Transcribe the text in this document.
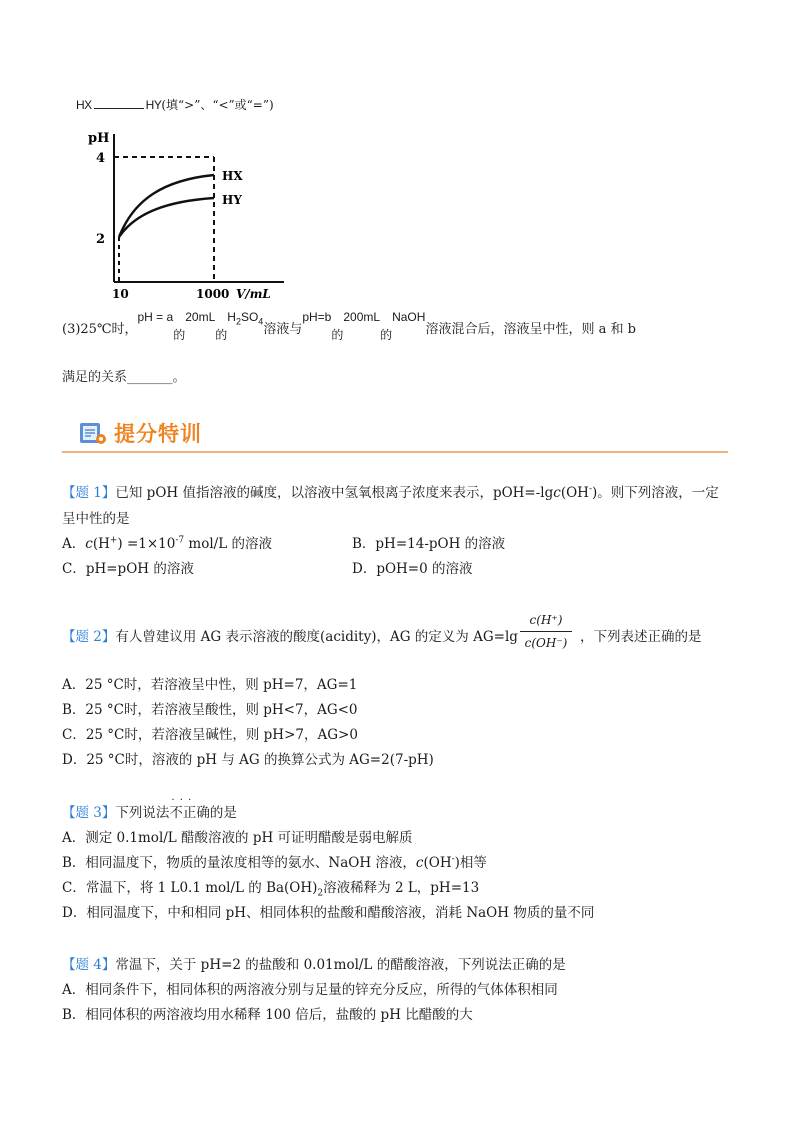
HX	HY(填“>”、“<”或“=”)
pH
4
2
HX
HY
10	1000 V/mL
(3)25℃时，pH = a的20mL的$H_2SO_4$溶液与pH=b的200mL的NaOH溶液混合后，溶液呈中性，则 a 和 b
满足的关系_______。
提分特训
【题 1】已知 pOH 值指溶液的碱度，以溶液中氢氧根离子浓度来表示，pOH=-lgc(OH-)。则下列溶液，一定
呈中性的是
A．$c(H^+) =1\times 10^{-7}$ mol/L 的溶液	B．pH=14-pOH 的溶液
C．pH=pOH 的溶液	D．pOH=0 的溶液
【题 2】有人曾建议用 AG 表示溶液的酸度(acidity)，AG 的定义为 AG=lg
c(H⁺)
c(OH⁻) ，下列表述正确的是
A．25 °C时，若溶液呈中性，则 pH=7，AG=1
B．25 °C时，若溶液呈酸性，则 pH<7，AG<0
C．25 °C时，若溶液呈碱性，则 pH>7，AG>0
D．25 °C时，溶液的 pH 与 AG 的换算公式为 AG=2(7-pH)
【题 3】下列说法不正确 · · ·的是
A．测定 0.1mol/L 醋酸溶液的 pH 可证明醋酸是弱电解质
B．相同温度下，物质的量浓度相等的氨水、NaOH 溶液，c(OH-)相等
C．常温下，将 1 L0.1 mol/L 的 $Ba(OH)_2$溶液稀释为 2 L，pH=13
D．相同温度下，中和相同 pH、相同体积的盐酸和醋酸溶液，消耗 NaOH 物质的量不同
【题 4】常温下，关于 pH=2 的盐酸和 0.01mol/L 的醋酸溶液，下列说法正确的是
A．相同条件下，相同体积的两溶液分别与足量的锌充分反应，所得的气体体积相同
B．相同体积的两溶液均用水稀释 100 倍后，盐酸的 pH 比醋酸的大
